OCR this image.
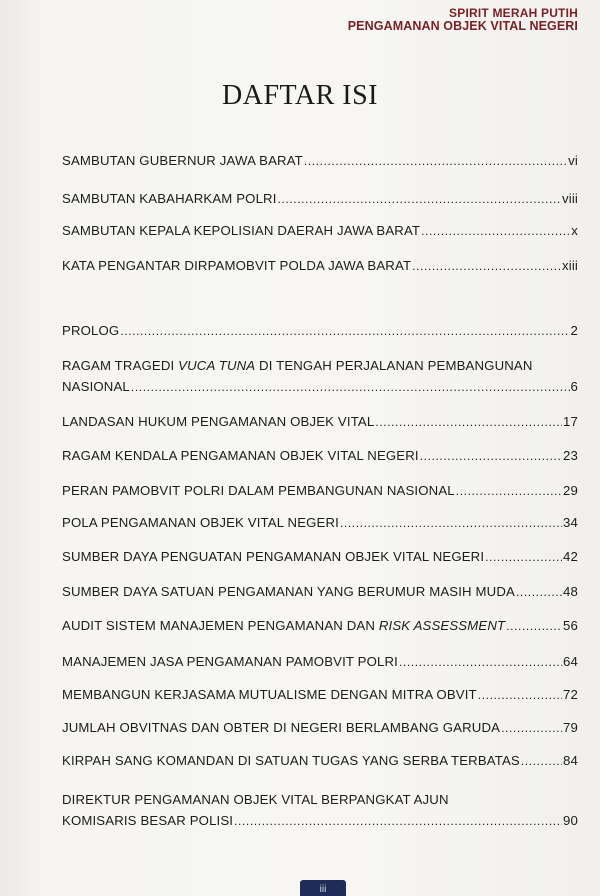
SPIRIT MERAH PUTIH
PENGAMANAN OBJEK VITAL NEGERI
DAFTAR ISI
SAMBUTAN GUBERNUR JAWA BARAT .....	vi
SAMBUTAN KABAHARKAM POLRI .....	viii
SAMBUTAN KEPALA KEPOLISIAN DAERAH JAWA BARAT .....	x
KATA PENGANTAR DIRPAMOBVIT POLDA JAWA BARAT .....	xiii
PROLOG .....	2
RAGAM TRAGEDI VUCA TUNA DI TENGAH PERJALANAN PEMBANGUNAN
NASIONAL .....	6
LANDASAN HUKUM PENGAMANAN OBJEK VITAL .....	17
RAGAM KENDALA PENGAMANAN OBJEK VITAL NEGERI .....	23
PERAN PAMOBVIT POLRI DALAM PEMBANGUNAN NASIONAL .....	29
POLA PENGAMANAN OBJEK VITAL NEGERI .....	34
SUMBER DAYA PENGUATAN PENGAMANAN OBJEK VITAL NEGERI .....	42
SUMBER DAYA SATUAN PENGAMANAN YANG BERUMUR MASIH MUDA .....	48
AUDIT SISTEM MANAJEMEN PENGAMANAN DAN RISK ASSESSMENT .....	56
MANAJEMEN JASA PENGAMANAN PAMOBVIT POLRI .....	64
MEMBANGUN KERJASAMA MUTUALISME DENGAN MITRA OBVIT .....	72
JUMLAH OBVITNAS DAN OBTER DI NEGERI BERLAMBANG GARUDA .....	79
KIRPAH SANG KOMANDAN DI SATUAN TUGAS YANG SERBA TERBATAS .....	84
DIREKTUR PENGAMANAN OBJEK VITAL BERPANGKAT AJUN
KOMISARIS BESAR POLISI .....	90
iii
